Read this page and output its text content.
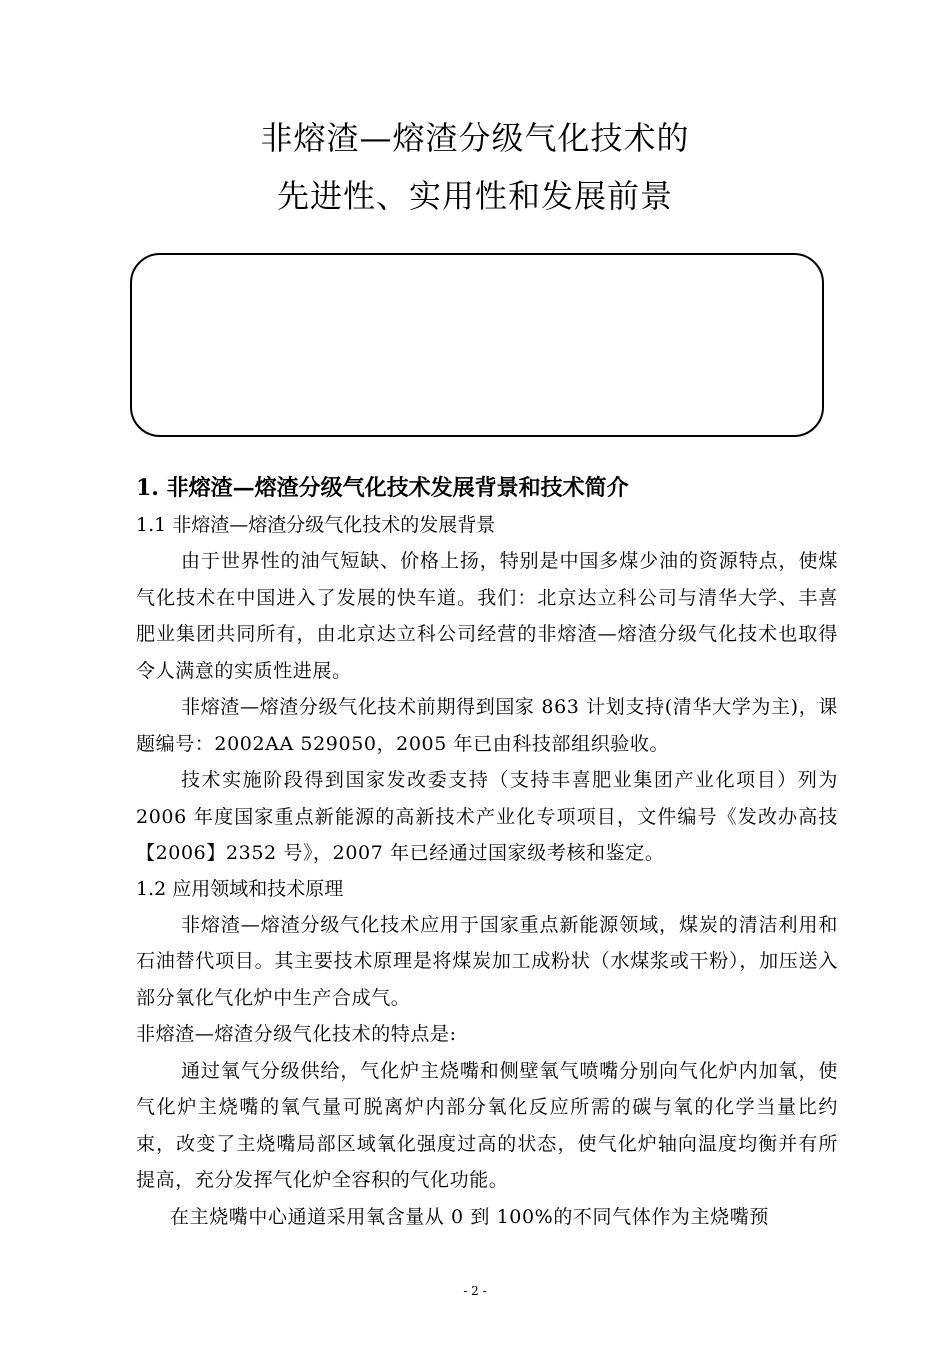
非熔渣—熔渣分级气化技术的
先进性、实用性和发展前景
1. 非熔渣—熔渣分级气化技术发展背景和技术简介
1.1 非熔渣—熔渣分级气化技术的发展背景

由于世界性的油气短缺、价格上扬，特别是中国多煤少油的资源特点，使煤气化技术在中国进入了发展的快车道。我们：北京达立科公司与清华大学、丰喜肥业集团共同所有，由北京达立科公司经营的非熔渣—熔渣分级气化技术也取得令人满意的实质性进展。

非熔渣—熔渣分级气化技术前期得到国家 863 计划支持(清华大学为主)，课题编号：2002AA 529050，2005 年已由科技部组织验收。

技术实施阶段得到国家发改委支持（支持丰喜肥业集团产业化项目）列为 2006 年度国家重点新能源的高新技术产业化专项项目，文件编号《发改办高技【2006】2352 号》，2007 年已经通过国家级考核和鉴定。

1.2 应用领域和技术原理

非熔渣—熔渣分级气化技术应用于国家重点新能源领域，煤炭的清洁利用和石油替代项目。其主要技术原理是将煤炭加工成粉状（水煤浆或干粉），加压送入部分氧化气化炉中生产合成气。

非熔渣—熔渣分级气化技术的特点是:

通过氧气分级供给，气化炉主烧嘴和侧壁氧气喷嘴分别向气化炉内加氧，使气化炉主烧嘴的氧气量可脱离炉内部分氧化反应所需的碳与氧的化学当量比约束，改变了主烧嘴局部区域氧化强度过高的状态，使气化炉轴向温度均衡并有所提高，充分发挥气化炉全容积的气化功能。

在主烧嘴中心通道采用氧含量从 0 到 100%的不同气体作为主烧嘴预

- 2 -
